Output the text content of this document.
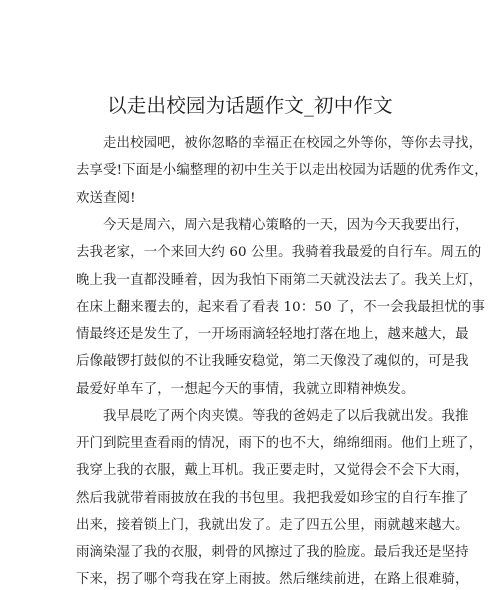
以走出校园为话题作文_初中作文
走出校园吧，被你忽略的幸福正在校园之外等你，等你去寻找，
去享受!下面是小编整理的初中生关于以走出校园为话题的优秀作文，
欢送查阅!
今天是周六，周六是我精心策略的一天，因为今天我要出行，
去我老家，一个来回大约 60 公里。我骑着我最爱的自行车。周五的
晚上我一直都没睡着，因为我怕下雨第二天就没法去了。我关上灯，
在床上翻来覆去的，起来看了看表 10：50 了，不一会我最担忧的事
情最终还是发生了，一开场雨滴轻轻地打落在地上，越来越大，最
后像敲锣打鼓似的不让我睡安稳觉，第二天像没了魂似的，可是我
最爱好单车了，一想起今天的事情，我就立即精神焕发。
我早晨吃了两个肉夹馍。等我的爸妈走了以后我就出发。我推
开门到院里查看雨的情况，雨下的也不大，绵绵细雨。他们上班了，
我穿上我的衣服，戴上耳机。我正要走时，又觉得会不会下大雨，
然后我就带着雨披放在我的书包里。我把我爱如珍宝的自行车推了
出来，接着锁上门，我就出发了。走了四五公里，雨就越来越大。
雨滴染湿了我的衣服，刺骨的风擦过了我的脸庞。最后我还是坚持
下来，拐了哪个弯我在穿上雨披。然后继续前进，在路上很难骑，
